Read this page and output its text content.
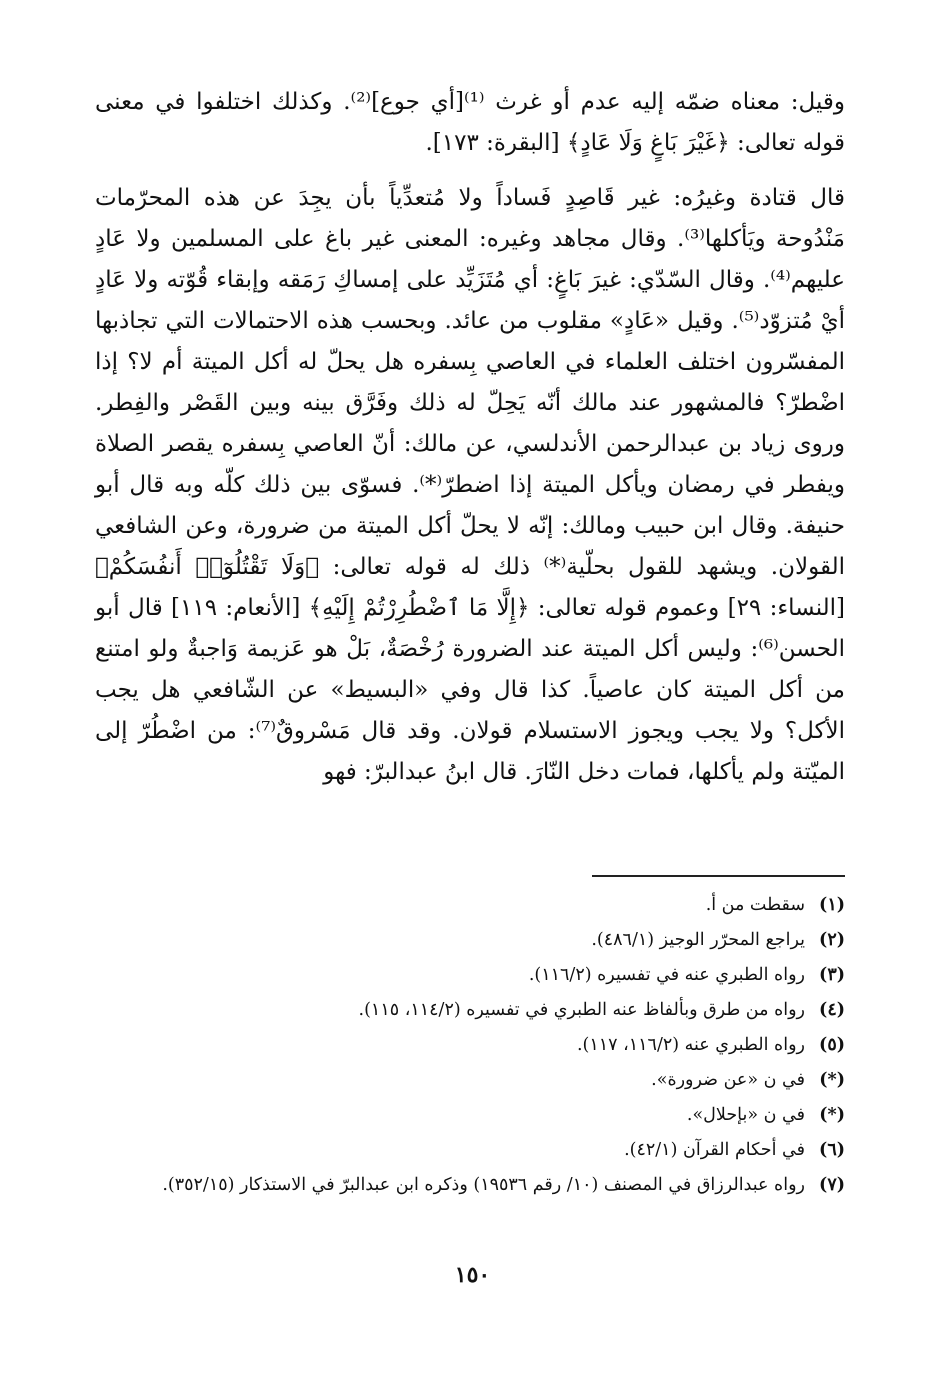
وقيل: معناه ضمّه إليه عدم أو غرث ⁽¹⁾[أي جوع]⁽²⁾. وكذلك اختلفوا في معنى قوله تعالى: ﴿غَيْرَ بَاغٍ وَلَا عَادٍ﴾ [البقرة: ١٧٣].

قال قتادة وغيرُه: غير قَاصِدٍ فَساداً ولا مُتعدِّياً بأن يجِدَ عن هذه المحرّمات مَنْدُوحة ويَأكلها⁽³⁾. وقال مجاهد وغيره: المعنى غير باغ على المسلمين ولا عَادٍ عليهم⁽⁴⁾. وقال السّدّي: غيرَ بَاغٍ: أي مُتَزَيِّد على إمساكِ رَمَقه وإبقاء قُوّته ولا عَادٍ أيْ مُتزوّد⁽⁵⁾. وقيل «عَادٍ» مقلوب من عائد. وبحسب هذه الاحتمالات التي تجاذبها المفسّرون اختلف العلماء في العاصي بِسفره هل يحلّ له أكل الميتة أم لا؟ إذا اضْطرّ؟ فالمشهور عند مالك أنّه يَحِلّ له ذلك وفَرَّق بينه وبين القَصْر والفِطر. وروى زياد بن عبدالرحمن الأندلسي، عن مالك: أنّ العاصي بِسفره يقصر الصلاة ويفطر في رمضان ويأكل الميتة إذا اضطرّ⁽*⁾. فسوّى بين ذلك كلّه وبه قال أبو حنيفة. وقال ابن حبيب ومالك: إنّه لا يحلّ أكل الميتة من ضرورة، وعن الشافعي القولان. ويشهد للقول بحلّية⁽*⁾ ذلك له قوله تعالى: ﴿وَلَا تَقْتُلُوٓا۟ أَنفُسَكُمْ﴾ [النساء: ٢٩] وعموم قوله تعالى: ﴿إِلَّا مَا ٱضْطُرِرْتُمْ إِلَيْهِ﴾ [الأنعام: ١١٩] قال أبو الحسن⁽⁶⁾: وليس أكل الميتة عند الضرورة رُخْصَةٌ، بَلْ هو عَزيمة وَاجبةٌ ولو امتنع من أكل الميتة كان عاصياً. كذا قال وفي «البسيط» عن الشّافعي هل يجب الأكل؟ ولا يجب ويجوز الاستسلام قولان. وقد قال مَسْروقٌ⁽⁷⁾: من اضْطُرّ إلى الميّتة ولم يأكلها، فمات دخل النّارَ. قال ابنُ عبدالبرّ: فهو

(١)
سقطت من أ.
(٢)
يراجع المحرّر الوجيز (٤٨٦/١).
(٣)
رواه الطبري عنه في تفسيره (١١٦/٢).
(٤)
رواه من طرق وبألفاظ عنه الطبري في تفسيره (١١٤/٢، ١١٥).
(٥)
رواه الطبري عنه (١١٦/٢، ١١٧).
(*)
في ن «عن ضرورة».
(*)
في ن «بإحلال».
(٦)
في أحكام القرآن (٤٢/١).
(٧)
رواه عبدالرزاق في المصنف (١٠/ رقم ١٩٥٣٦) وذكره ابن عبدالبرّ في الاستذكار (٣٥٢/١٥).
١٥٠
